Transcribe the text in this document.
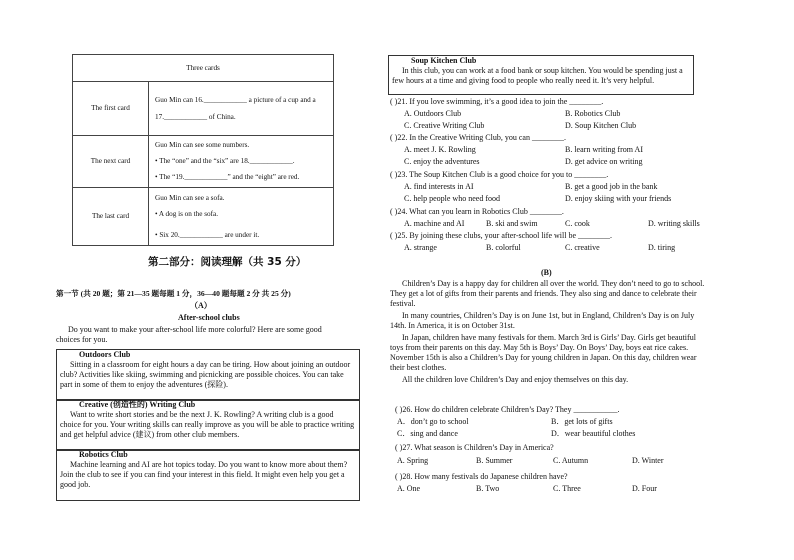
Three cards	
The first card	Guo Min can 16.____________ a picture of a cup and a
17.____________ of China.

The next card	Guo Min can see some numbers.
• The “one” and the “six” are 18.____________.
• The “19.____________” and the “eight” are red.

The last card	Guo Min can see a sofa.
• A dog is on the sofa.
• Six 20.____________ are under it.
第二部分：阅读理解（共 35 分）
第一节 (共 20 题；第 21—35 题每题 1 分，36—40 题每题 2 分 共 25 分)
（A）
After-school clubs
Do you want to make your after-school life more colorful? Here are some good choices for you.
Outdoors Club
Sitting in a classroom for eight hours a day can be tiring. How about joining an outdoor club? Activities like skiing, swimming and picnicking are possible choices. You can take part in some of them to enjoy the adventures (探险).
Creative (创造性的) Writing Club
Want to write short stories and be the next J. K. Rowling? A writing club is a good choice for you. Your writing skills can really improve as you will be able to practice writing and get helpful advice (建议) from other club members.
Robotics Club
Machine learning and AI are hot topics today. Do you want to know more about them? Join the club to see if you can find your interest in this field. It might even help you get a good job.
Soup Kitchen Club
In this club, you can work at a food bank or soup kitchen. You would be spending just a few hours at a time and giving food to people who really need it. It’s very helpful.
( )21. If you love swimming, it’s a good idea to join the ________.
A. Outdoors Club	B. Robotics Club
C. Creative Writing Club	D. Soup Kitchen Club
( )22. In the Creative Writing Club, you can ________.
A. meet J. K. Rowling	B. learn writing from AI
C. enjoy the adventures	D. get advice on writing
( )23. The Soup Kitchen Club is a good choice for you to ________.
A. find interests in AI	B. get a good job in the bank
C. help people who need food	D. enjoy skiing with your friends
( )24. What can you learn in Robotics Club ________.
A. machine and AI	B. ski and swim	C. cook	D. writing skills
( )25. By joining these clubs, your after-school life will be ________.
A. strange	B. colorful	C. creative	D. tiring
(B)
Children’s Day is a happy day for children all over the world. They don’t need to go to school. They get a lot of gifts from their parents and friends. They also sing and dance to celebrate their festival.
In many countries, Children’s Day is on June 1st, but in England, Children’s Day is on July 14th. In America, it is on October 31st.
In Japan, children have many festivals for them. March 3rd is Girls’ Day. Girls get beautiful toys from their parents on this day. May 5th is Boys’ Day. On Boys’ Day, boys eat rice cakes. November 15th is also a Children’s Day for young children in Japan. On this day, children wear their best clothes.
All the children love Children’s Day and enjoy themselves on this day.
( )26. How do children celebrate Children’s Day? They ___________.
A．don’t go to school	B．get lots of gifts
C．sing and dance	D．wear beautiful clothes
( )27. What season is Children’s Day in America?
A. Spring	B. Summer	C. Autumn	D. Winter
( )28. How many festivals do Japanese children have?
A. One	B. Two	C. Three	D. Four
